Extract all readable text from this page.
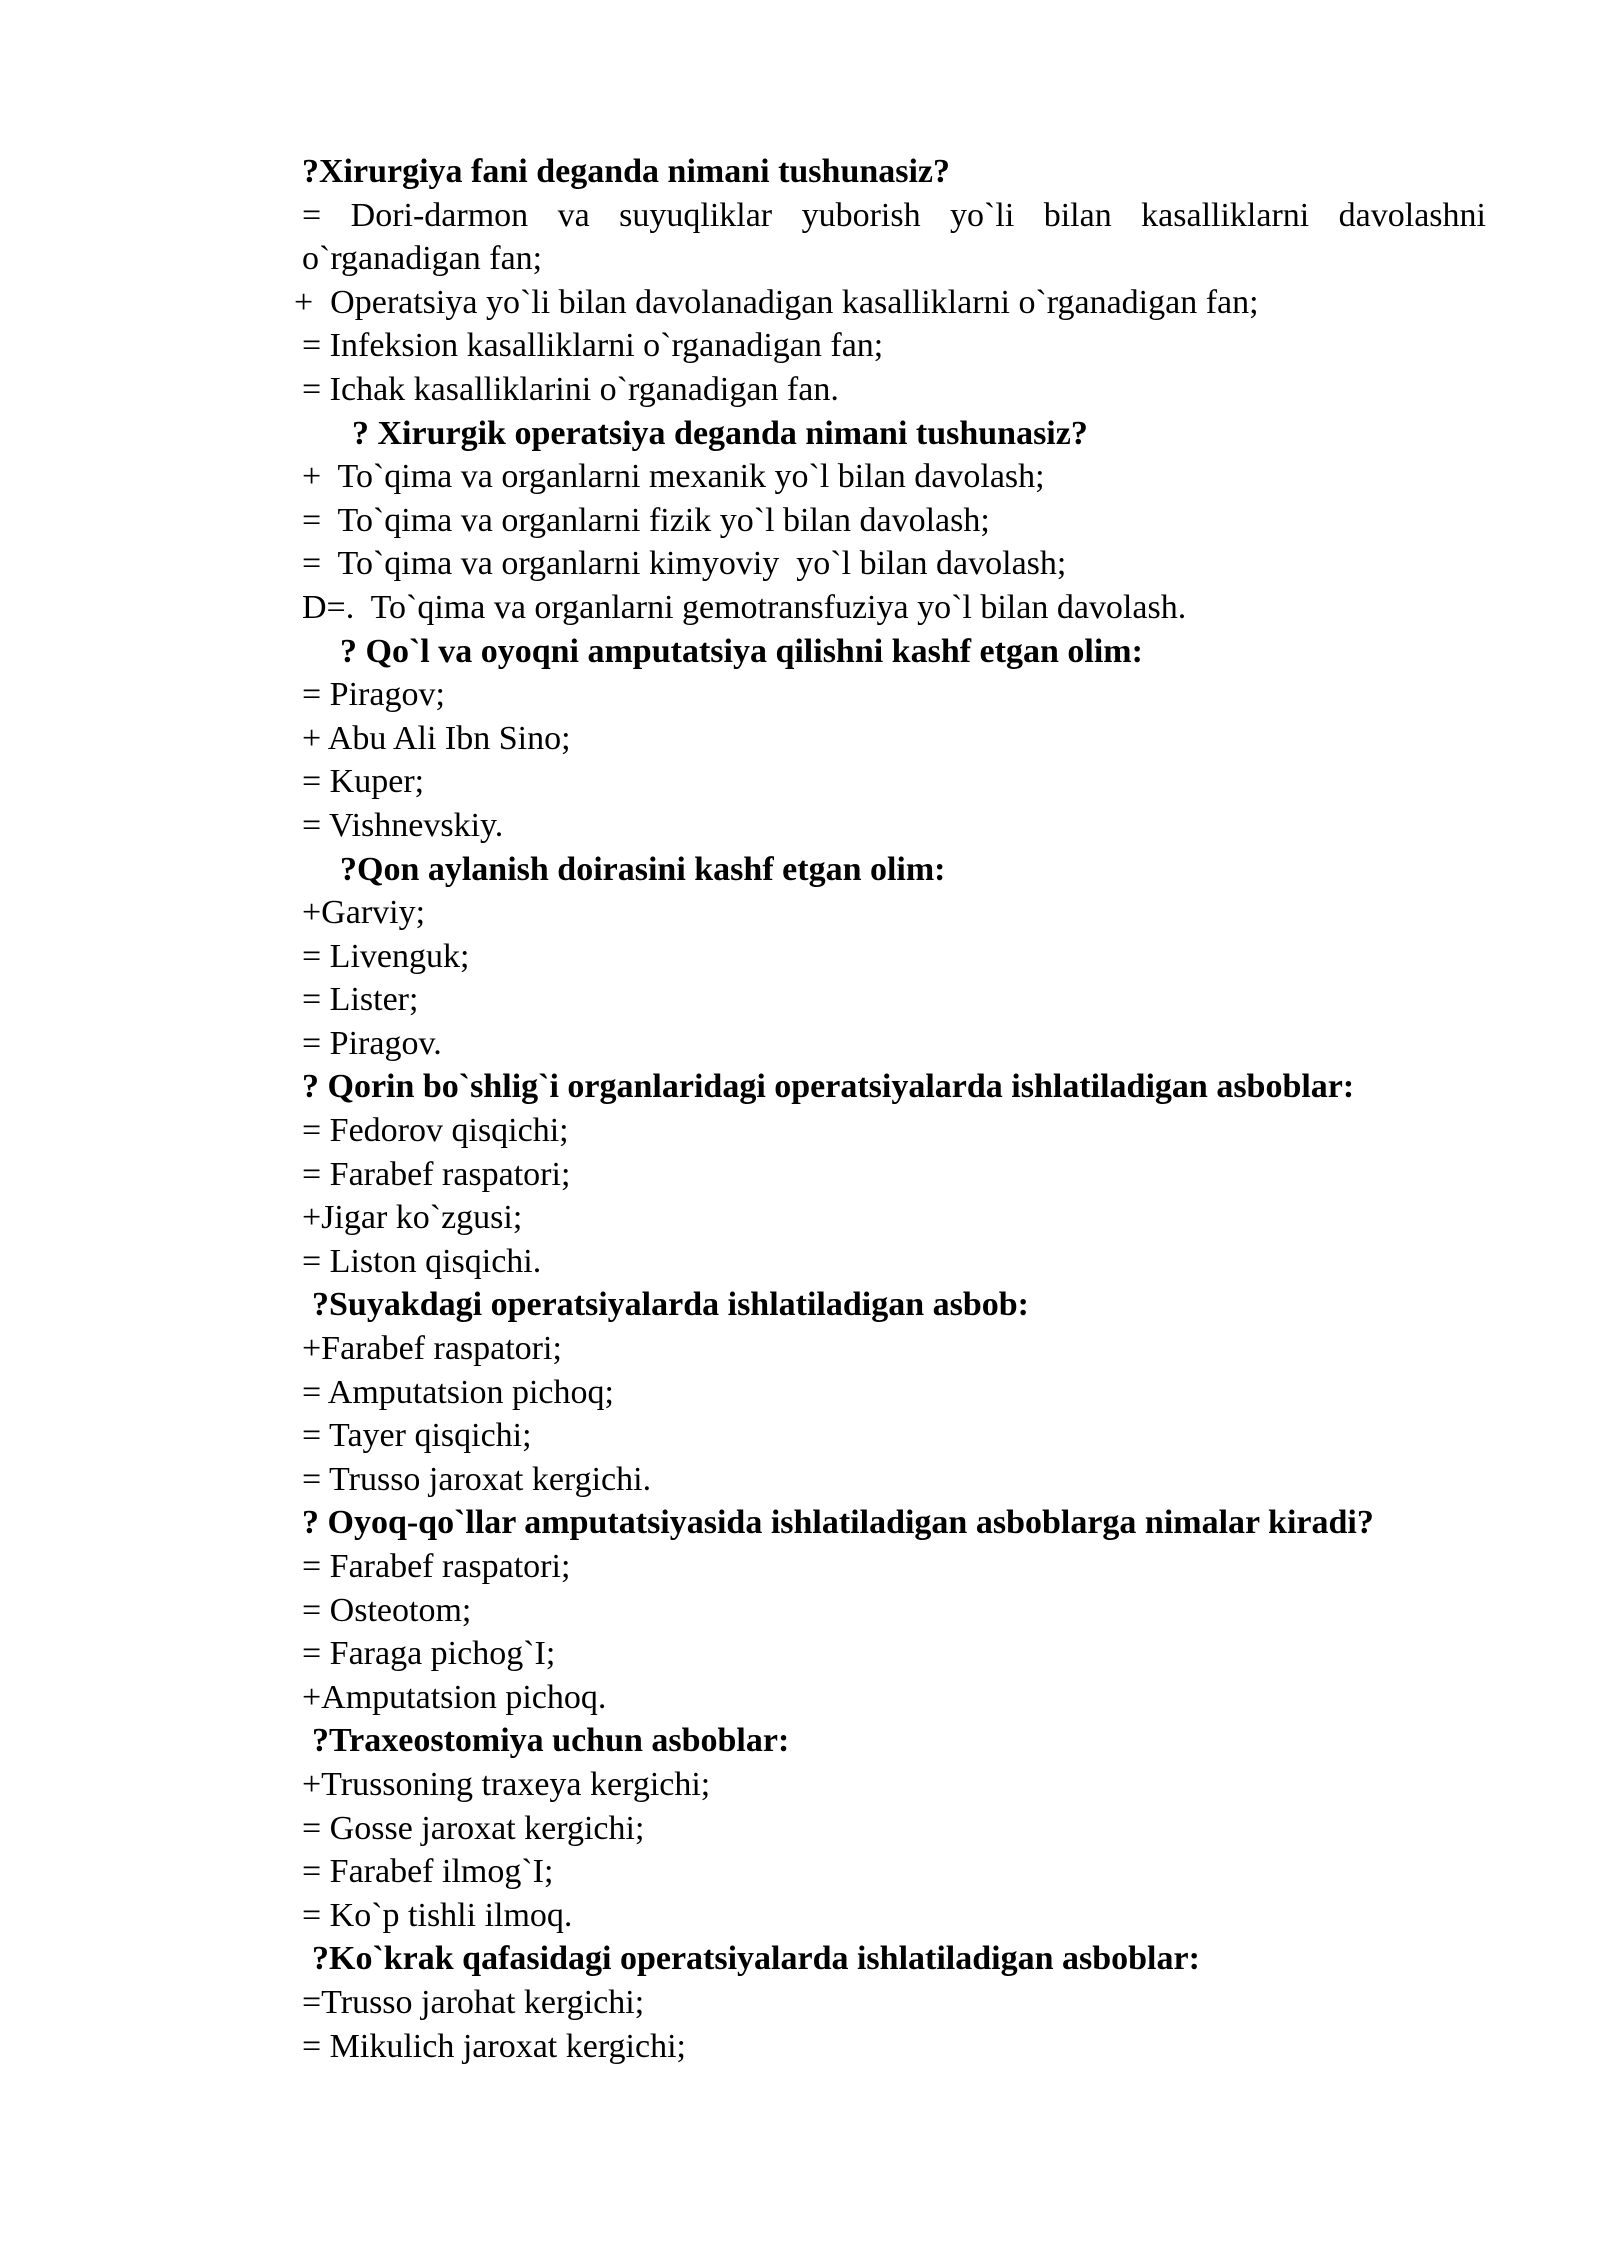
?Xirurgiya fani deganda nimani tushunasiz?

= Dori-darmon va suyuqliklar yuborish yo`li bilan kasalliklarni davolashni o`rganadigan fan;

+  Operatsiya yo`li bilan davolanadigan kasalliklarni o`rganadigan fan;

= Infeksion kasalliklarni o`rganadigan fan;

= Ichak kasalliklarini o`rganadigan fan.

? Xirurgik operatsiya deganda nimani tushunasiz?

+  To`qima va organlarni mexanik yo`l bilan davolash;

=  To`qima va organlarni fizik yo`l bilan davolash;

=  To`qima va organlarni kimyoviy  yo`l bilan davolash;

D=.  To`qima va organlarni gemotransfuziya yo`l bilan davolash.

? Qo`l va oyoqni amputatsiya qilishni kashf etgan olim:

= Piragov;

+ Abu Ali Ibn Sino;

= Kuper;

= Vishnevskiy.

?Qon aylanish doirasini kashf etgan olim:

+Garviy;

= Livenguk;

= Lister;

= Piragov.

? Qorin bo`shlig`i organlaridagi operatsiyalarda ishlatiladigan asboblar:

= Fedorov qisqichi;

= Farabef raspatori;

+Jigar ko`zgusi;

= Liston qisqichi.

?Suyakdagi operatsiyalarda ishlatiladigan asbob:

+Farabef raspatori;

= Amputatsion pichoq;

= Tayer qisqichi;

= Trusso jaroxat kergichi.

? Oyoq-qo`llar amputatsiyasida ishlatiladigan asboblarga nimalar kiradi?

= Farabef raspatori;

= Osteotom;

= Faraga pichog`I;

+Amputatsion pichoq.

?Traxeostomiya uchun asboblar:

+Trussoning traxeya kergichi;

= Gosse jaroxat kergichi;

= Farabef ilmog`I;

= Ko`p tishli ilmoq.

?Ko`krak qafasidagi operatsiyalarda ishlatiladigan asboblar:

=Trusso jarohat kergichi;

= Mikulich jaroxat kergichi;
